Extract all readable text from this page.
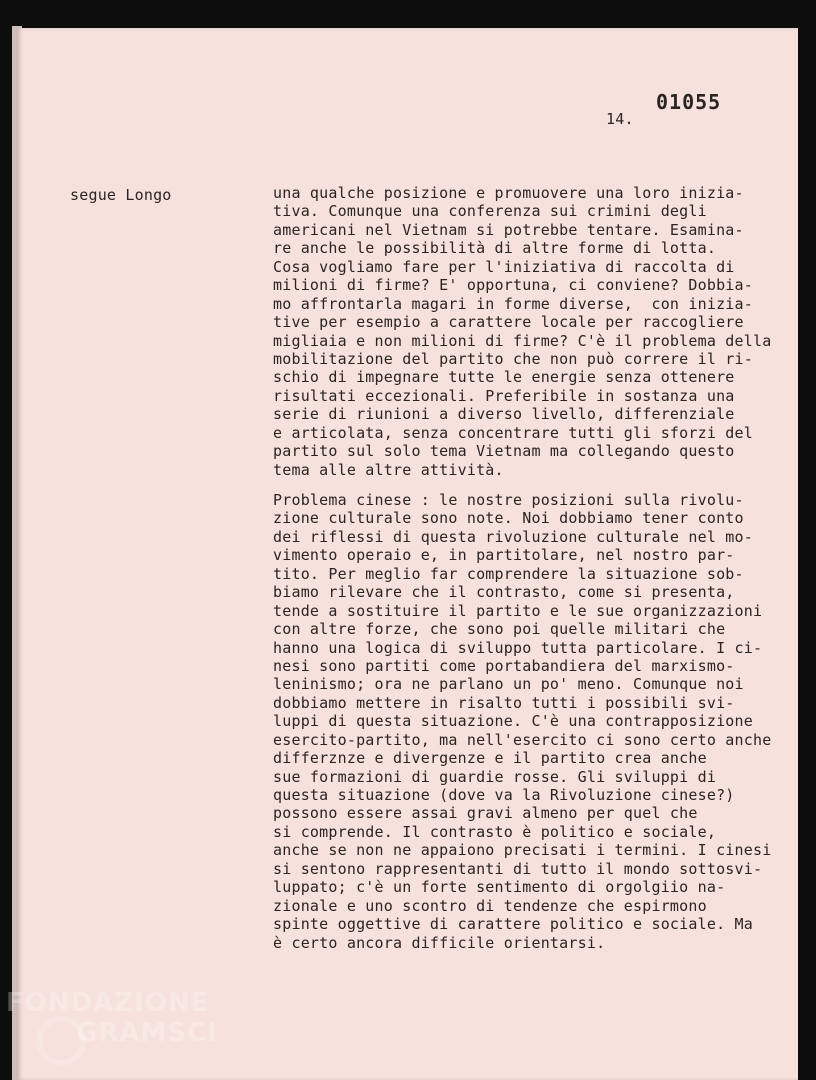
14.
01055
segue Longo	una qualche posizione e promuovere una loro inizia-
tiva. Comunque una conferenza sui crimini degli
americani nel Vietnam si potrebbe tentare. Esamina-
re anche le possibilità di altre forme di lotta.
Cosa vogliamo fare per l'iniziativa di raccolta di
milioni di firme? E' opportuna, ci conviene? Dobbia-
mo affrontarla magari in forme diverse,  con inizia-
tive per esempio a carattere locale per raccogliere
migliaia e non milioni di firme? C'è il problema della
mobilitazione del partito che non può correre il ri-
schio di impegnare tutte le energie senza ottenere
risultati eccezionali. Preferibile in sostanza una
serie di riunioni a diverso livello, differenziale
e articolata, senza concentrare tutti gli sforzi del
partito sul solo tema Vietnam ma collegando questo
tema alle altre attività.
Problema cinese : le nostre posizioni sulla rivolu-
zione culturale sono note. Noi dobbiamo tener conto
dei riflessi di questa rivoluzione culturale nel mo-
vimento operaio e, in partitolare, nel nostro par-
tito. Per meglio far comprendere la situazione sob-
biamo rilevare che il contrasto, come si presenta,
tende a sostituire il partito e le sue organizzazioni
con altre forze, che sono poi quelle militari che
hanno una logica di sviluppo tutta particolare. I ci-
nesi sono partiti come portabandiera del marxismo-
leninismo; ora ne parlano un po' meno. Comunque noi
dobbiamo mettere in risalto tutti i possibili svi-
luppi di questa situazione. C'è una contrapposizione
esercito-partito, ma nell'esercito ci sono certo anche
differznze e divergenze e il partito crea anche
sue formazioni di guardie rosse. Gli sviluppi di
questa situazione (dove va la Rivoluzione cinese?)
possono essere assai gravi almeno per quel che
si comprende. Il contrasto è politico e sociale,
anche se non ne appaiono precisati i termini. I cinesi
si sentono rappresentanti di tutto il mondo sottosvi-
luppato; c'è un forte sentimento di orgolgiio na-
zionale e uno scontro di tendenze che espirmono
spinte oggettive di carattere politico e sociale. Ma
è certo ancora difficile orientarsi.
FONDAZIONE
GRAMSCI
